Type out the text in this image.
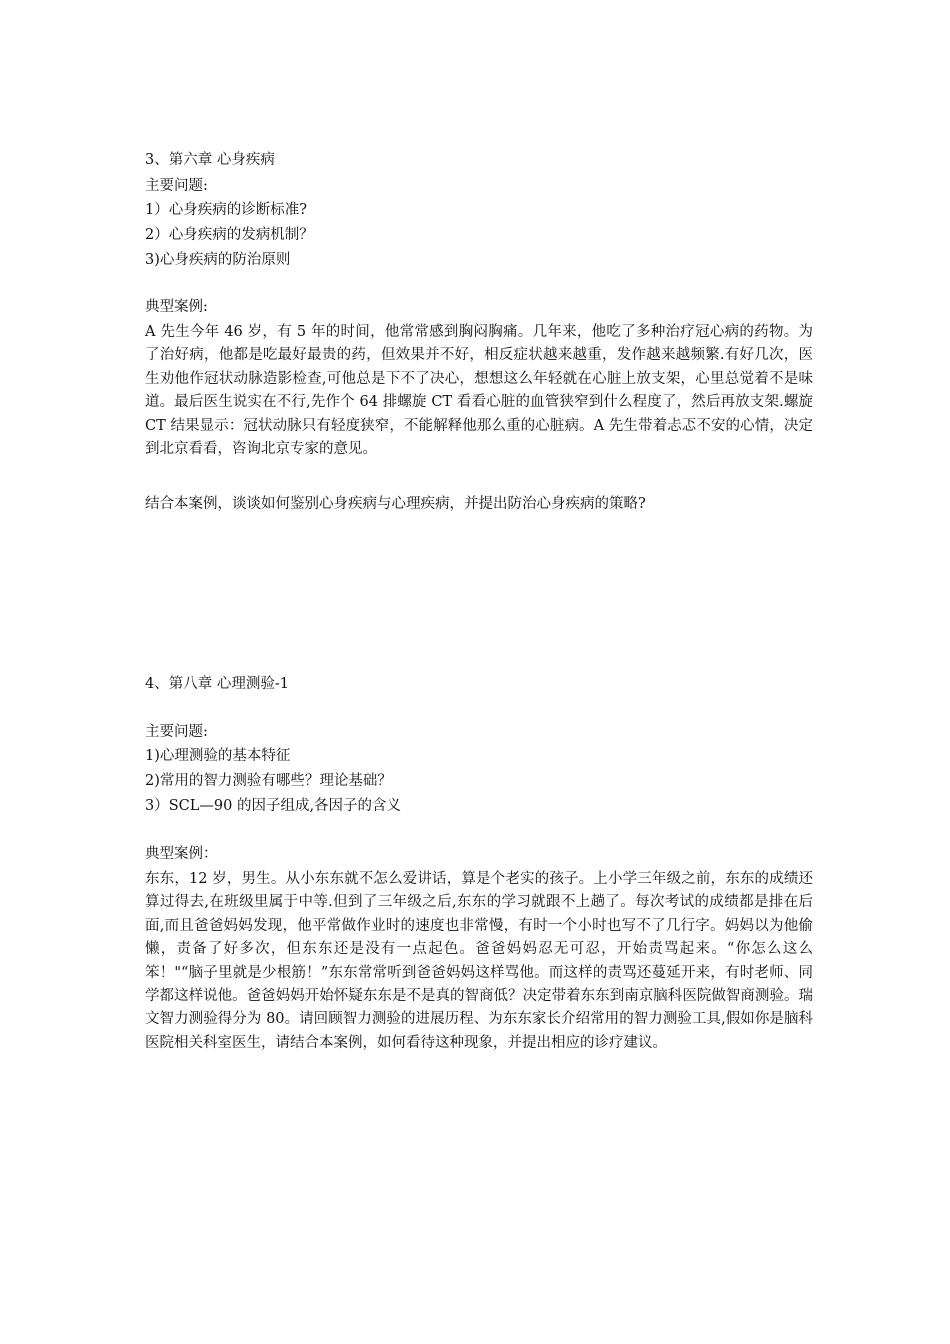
3、第六章 心身疾病
主要问题:
1）心身疾病的诊断标准?
2）心身疾病的发病机制？
3)心身疾病的防治原则
典型案例:
A 先生今年 46 岁，有 5 年的时间，他常常感到胸闷胸痛。几年来，他吃了多种治疗冠心病的药物。为了治好病，他都是吃最好最贵的药，但效果并不好，相反症状越来越重，发作越来越频繁.有好几次，医生劝他作冠状动脉造影检查,可他总是下不了决心，想想这么年轻就在心脏上放支架，心里总觉着不是味道。最后医生说实在不行,先作个 64 排螺旋 CT 看看心脏的血管狭窄到什么程度了，然后再放支架.螺旋 CT 结果显示：冠状动脉只有轻度狭窄，不能解释他那么重的心脏病。A 先生带着忐忑不安的心情，决定到北京看看，咨询北京专家的意见。
结合本案例，谈谈如何鉴别心身疾病与心理疾病，并提出防治心身疾病的策略?
4、第八章 心理测验-1
主要问题:
1)心理测验的基本特征
2)常用的智力测验有哪些？理论基础？
3）SCL—90 的因子组成,各因子的含义
典型案例：
东东，12 岁，男生。从小东东就不怎么爱讲话，算是个老实的孩子。上小学三年级之前，东东的成绩还算过得去,在班级里属于中等.但到了三年级之后,东东的学习就跟不上趟了。每次考试的成绩都是排在后面,而且爸爸妈妈发现，他平常做作业时的速度也非常慢，有时一个小时也写不了几行字。妈妈以为他偷懒，责备了好多次，但东东还是没有一点起色。爸爸妈妈忍无可忍，开始责骂起来。“你怎么这么笨！"“脑子里就是少根筋！”东东常常听到爸爸妈妈这样骂他。而这样的责骂还蔓延开来，有时老师、同学都这样说他。爸爸妈妈开始怀疑东东是不是真的智商低？决定带着东东到南京脑科医院做智商测验。瑞文智力测验得分为 80。请回顾智力测验的进展历程、为东东家长介绍常用的智力测验工具,假如你是脑科医院相关科室医生，请结合本案例，如何看待这种现象，并提出相应的诊疗建议。
